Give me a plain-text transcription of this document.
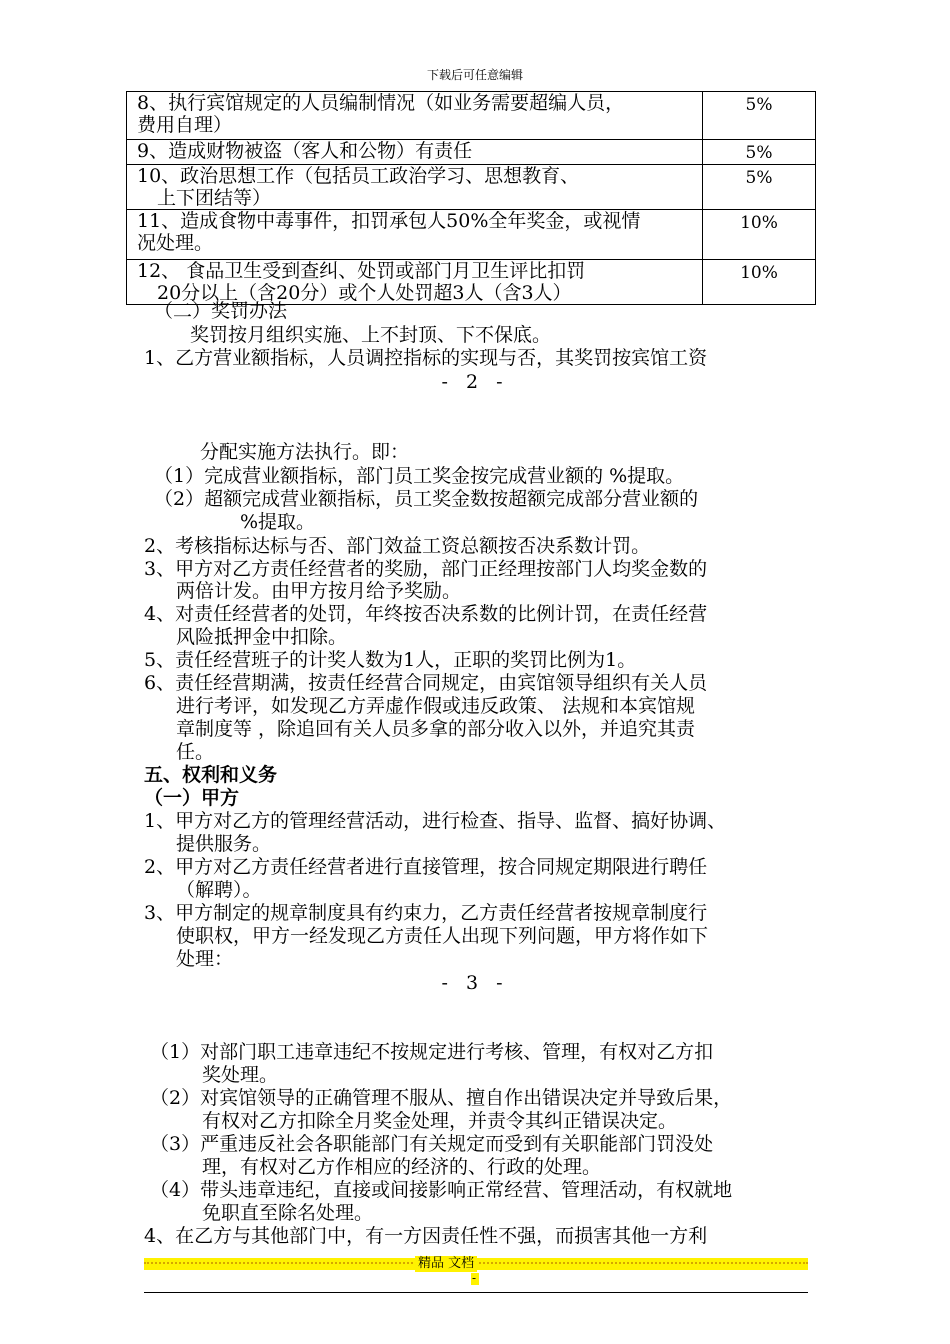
下载后可任意编辑
8、执行宾馆规定的人员编制情况（如业务需要超编人员，
费用自理）	5%

9、造成财物被盗（客人和公物）有责任	5%

10、政治思想工作（包括员工政治学习、思想教育、
上下团结等）	5%

11、造成食物中毒事件，扣罚承包人50%全年奖金，或视情
况处理。	10%

12、 食品卫生受到查纠、处罚或部门月卫生评比扣罚
20分以上（含20分）或个人处罚超3人（含3人）	10%
（二）奖罚办法
奖罚按月组织实施、上不封顶、下不保底。
1、乙方营业额指标，人员调控指标的实现与否，其奖罚按宾馆工资
- 2 -
分配实施方法执行。即：
（1）完成营业额指标，部门员工奖金按完成营业额的 %提取。
（2）超额完成营业额指标，员工奖金数按超额完成部分营业额的
%提取。
2、考核指标达标与否、部门效益工资总额按否决系数计罚。
3、甲方对乙方责任经营者的奖励，部门正经理按部门人均奖金数的
两倍计发。由甲方按月给予奖励。
4、对责任经营者的处罚，年终按否决系数的比例计罚，在责任经营
风险抵押金中扣除。
5、责任经营班子的计奖人数为1人，正职的奖罚比例为1。
6、责任经营期满，按责任经营合同规定，由宾馆领导组织有关人员
进行考评，如发现乙方弄虚作假或违反政策、 法规和本宾馆规
章制度等 ，除追回有关人员多拿的部分收入以外，并追究其责
任。
五、权利和义务
（一）甲方
1、甲方对乙方的管理经营活动，进行检查、指导、监督、搞好协调、
提供服务。
2、甲方对乙方责任经营者进行直接管理，按合同规定期限进行聘任
（解聘）。
3、甲方制定的规章制度具有约束力，乙方责任经营者按规章制度行
使职权，甲方一经发现乙方责任人出现下列问题，甲方将作如下
处理：
- 3 -
（1）对部门职工违章违纪不按规定进行考核、管理，有权对乙方扣
奖处理。
（2）对宾馆领导的正确管理不服从、擅自作出错误决定并导致后果，
有权对乙方扣除全月奖金处理，并责令其纠正错误决定。
（3）严重违反社会各职能部门有关规定而受到有关职能部门罚没处
理，有权对乙方作相应的经济的、行政的处理。
（4）带头违章违纪，直接或间接影响正常经营、管理活动，有权就地
免职直至除名处理。
4、在乙方与其他部门中，有一方因责任性不强，而损害其他一方利
精品 文档
-
